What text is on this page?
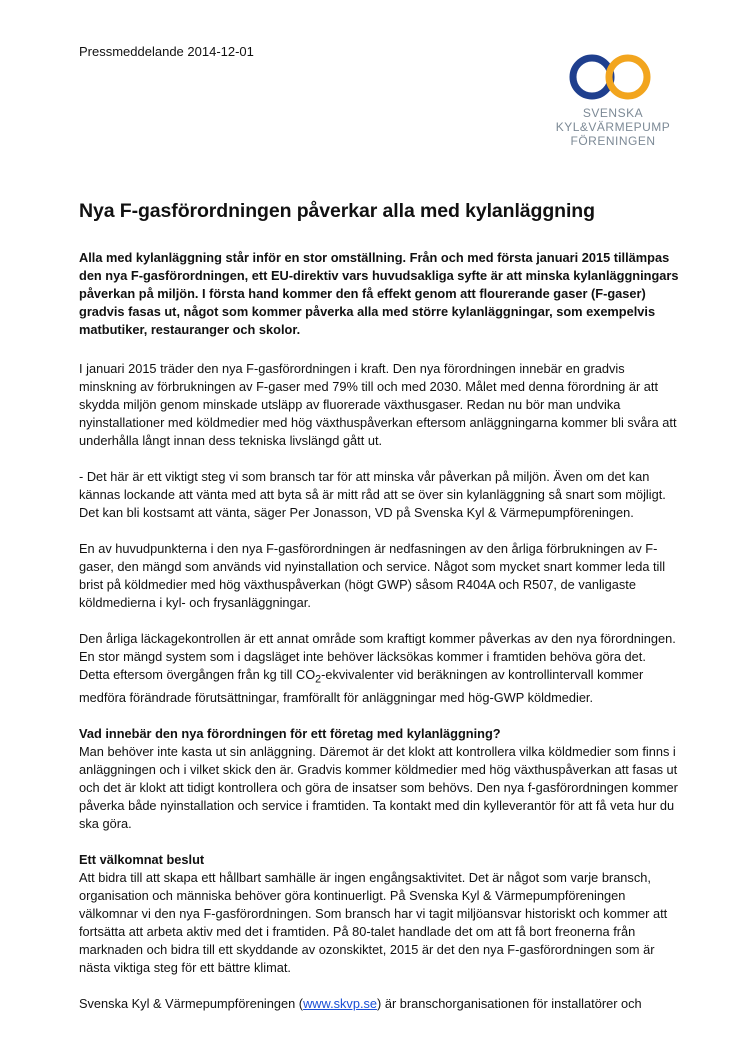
Pressmeddelande 2014-12-01
SVENSKA
KYL&VÄRMEPUMP
FÖRENINGEN
Nya F-gasförordningen påverkar alla med kylanläggning

Alla med kylanläggning står inför en stor omställning. Från och med första januari 2015 tillämpas den nya F-gasförordningen, ett EU-direktiv vars huvudsakliga syfte är att minska kylanläggningars påverkan på miljön. I första hand kommer den få effekt genom att flourerande gaser (F-gaser) gradvis fasas ut, något som kommer påverka alla med större kylanläggningar, som exempelvis matbutiker, restauranger och skolor.

I januari 2015 träder den nya F-gasförordningen i kraft. Den nya förordningen innebär en gradvis minskning av förbrukningen av F-gaser med 79% till och med 2030. Målet med denna förordning är att skydda miljön genom minskade utsläpp av fluorerade växthusgaser. Redan nu bör man undvika nyinstallationer med köldmedier med hög växthuspåverkan eftersom anläggningarna kommer bli svåra att underhålla långt innan dess tekniska livslängd gått ut.

- Det här är ett viktigt steg vi som bransch tar för att minska vår påverkan på miljön. Även om det kan kännas lockande att vänta med att byta så är mitt råd att se över sin kylanläggning så snart som möjligt. Det kan bli kostsamt att vänta, säger Per Jonasson, VD på Svenska Kyl & Värmepumpföreningen.

En av huvudpunkterna i den nya F-gasförordningen är nedfasningen av den årliga förbrukningen av F-gaser, den mängd som används vid nyinstallation och service. Något som mycket snart kommer leda till brist på köldmedier med hög växthuspåverkan (högt GWP) såsom R404A och R507, de vanligaste köldmedierna i kyl- och frysanläggningar.

Den årliga läckagekontrollen är ett annat område som kraftigt kommer påverkas av den nya förordningen. En stor mängd system som i dagsläget inte behöver läcksökas kommer i framtiden behöva göra det. Detta eftersom övergången från kg till $CO_2$-ekvivalenter vid beräkningen av kontrollintervall kommer medföra förändrade förutsättningar, framförallt för anläggningar med hög-GWP köldmedier.

Vad innebär den nya förordningen för ett företag med kylanläggning?

Man behöver inte kasta ut sin anläggning. Däremot är det klokt att kontrollera vilka köldmedier som finns i anläggningen och i vilket skick den är. Gradvis kommer köldmedier med hög växthuspåverkan att fasas ut och det är klokt att tidigt kontrollera och göra de insatser som behövs. Den nya f-gasförordningen kommer påverka både nyinstallation och service i framtiden. Ta kontakt med din kylleverantör för att få veta hur du ska göra.

Ett välkomnat beslut

Att bidra till att skapa ett hållbart samhälle är ingen engångsaktivitet. Det är något som varje bransch, organisation och människa behöver göra kontinuerligt. På Svenska Kyl & Värmepumpföreningen välkomnar vi den nya F-gasförordningen. Som bransch har vi tagit miljöansvar historiskt och kommer att fortsätta att arbeta aktiv med det i framtiden. På 80-talet handlade det om att få bort freonerna från marknaden och bidra till ett skyddande av ozonskiktet, 2015 är det den nya F-gasförordningen som är nästa viktiga steg för ett bättre klimat.

Svenska Kyl & Värmepumpföreningen (www.skvp.se) är branschorganisationen för installatörer och
